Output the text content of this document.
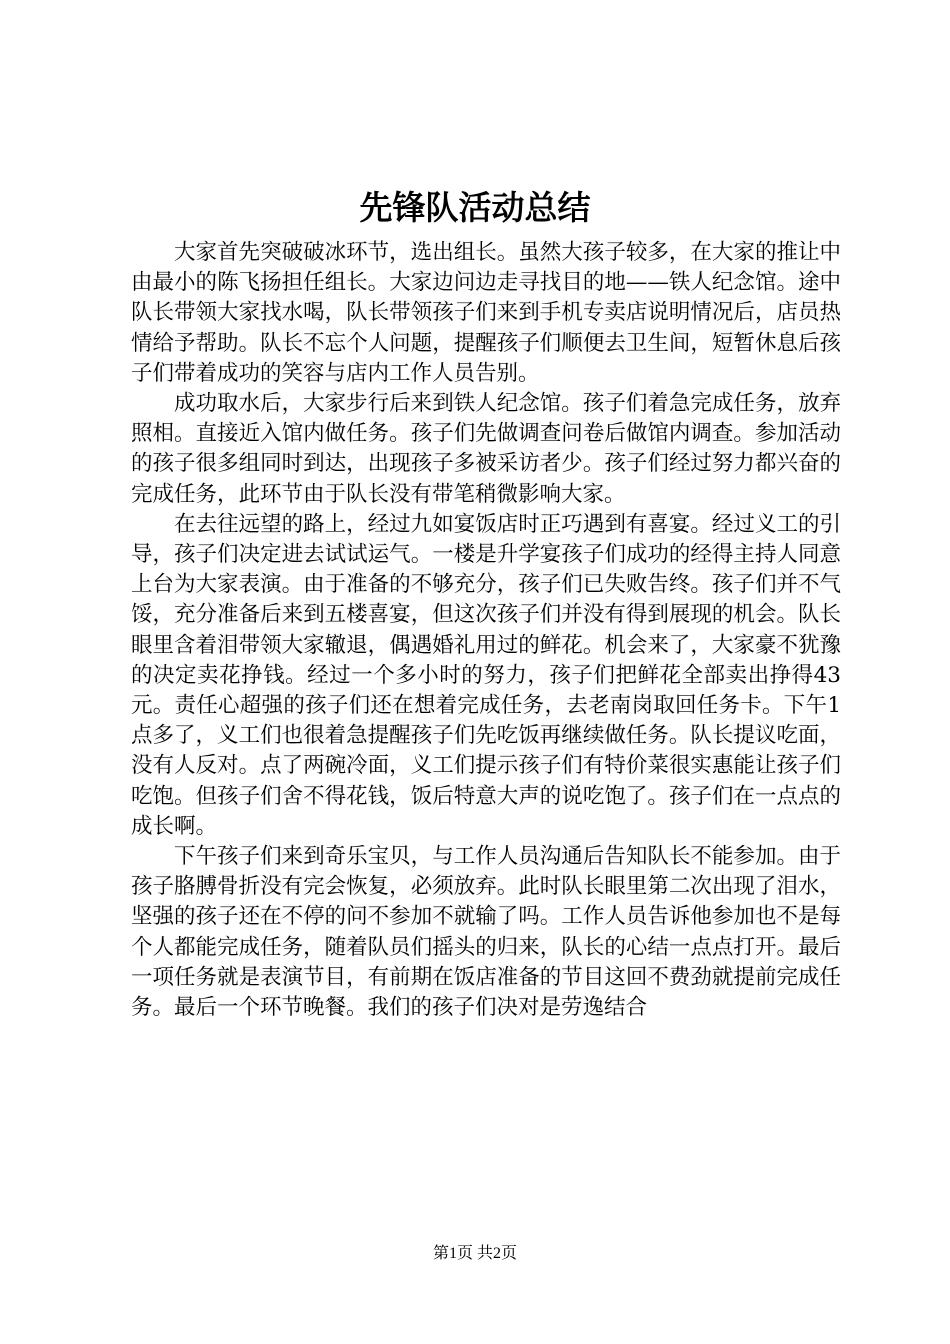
先锋队活动总结

大家首先突破破冰环节，选出组长。虽然大孩子较多，在大家的推让中由最小的陈飞扬担任组长。大家边问边走寻找目的地——铁人纪念馆。途中队长带领大家找水喝，队长带领孩子们来到手机专卖店说明情况后，店员热情给予帮助。队长不忘个人问题，提醒孩子们顺便去卫生间，短暂休息后孩子们带着成功的笑容与店内工作人员告别。

成功取水后，大家步行后来到铁人纪念馆。孩子们着急完成任务，放弃照相。直接近入馆内做任务。孩子们先做调查问卷后做馆内调查。参加活动的孩子很多组同时到达，出现孩子多被采访者少。孩子们经过努力都兴奋的完成任务，此环节由于队长没有带笔稍微影响大家。

在去往远望的路上，经过九如宴饭店时正巧遇到有喜宴。经过义工的引导，孩子们决定进去试试运气。一楼是升学宴孩子们成功的经得主持人同意上台为大家表演。由于准备的不够充分，孩子们已失败告终。孩子们并不气馁，充分准备后来到五楼喜宴，但这次孩子们并没有得到展现的机会。队长眼里含着泪带领大家辙退，偶遇婚礼用过的鲜花。机会来了，大家豪不犹豫的决定卖花挣钱。经过一个多小时的努力，孩子们把鲜花全部卖出挣得43元。责任心超强的孩子们还在想着完成任务，去老南岗取回任务卡。下午1点多了，义工们也很着急提醒孩子们先吃饭再继续做任务。队长提议吃面，没有人反对。点了两碗冷面，义工们提示孩子们有特价菜很实惠能让孩子们吃饱。但孩子们舍不得花钱，饭后特意大声的说吃饱了。孩子们在一点点的成长啊。

下午孩子们来到奇乐宝贝，与工作人员沟通后告知队长不能参加。由于孩子胳膊骨折没有完会恢复，必须放弃。此时队长眼里第二次出现了泪水，坚强的孩子还在不停的问不参加不就输了吗。工作人员告诉他参加也不是每个人都能完成任务，随着队员们摇头的归来，队长的心结一点点打开。最后一项任务就是表演节目，有前期在饭店准备的节目这回不费劲就提前完成任务。最后一个环节晚餐。我们的孩子们决对是劳逸结合

第1页 共2页
